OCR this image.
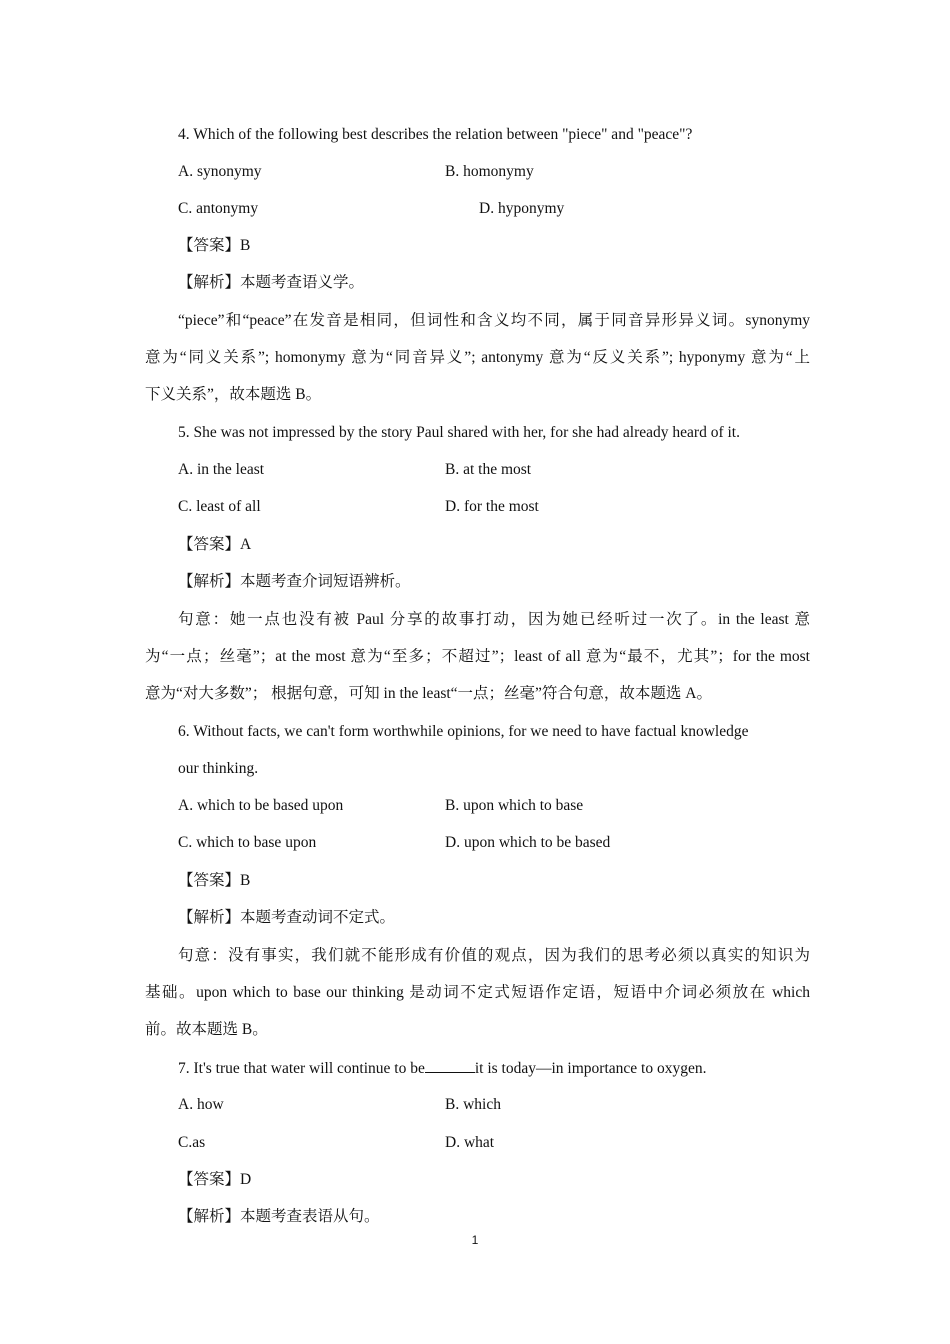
4. Which of the following best describes the relation between "piece" and "peace"?
A. synonymy	B. homonymy
C. antonymy	D. hyponymy
【答案】B
【解析】本题考查语义学。
“piece”和“peace”在发音是相同，但词性和含义均不同，属于同音异形异义词。synonymy
意为“同义关系”; homonymy 意为“同音异义”; antonymy 意为“反义关系”; hyponymy 意为“上
下义关系”，故本题选 B。
5. She was not impressed by the story Paul shared with her, for she had already heard of it.
A. in the least	B. at the most
C. least of all	D. for the most
【答案】A
【解析】本题考查介词短语辨析。
句意：她一点也没有被 Paul 分享的故事打动，因为她已经听过一次了。in the least 意
为“一点；丝毫”；at the most 意为“至多；不超过”；least of all 意为“最不，尤其”；for the most
意为“对大多数”； 根据句意，可知 in the least“一点；丝毫”符合句意，故本题选 A。
6. Without facts, we can't form worthwhile opinions, for we need to have factual knowledge
our thinking.
A. which to be based upon	B. upon which to base
C. which to base upon	D. upon which to be based
【答案】B
【解析】本题考查动词不定式。
句意：没有事实，我们就不能形成有价值的观点，因为我们的思考必须以真实的知识为
基础。upon which to base our thinking 是动词不定式短语作定语，短语中介词必须放在 which
前。故本题选 B。
7. It's true that water will continue to be	it is today—in importance to oxygen.
A. how	B. which
C.as	D. what
【答案】D
【解析】本题考查表语从句。
1
